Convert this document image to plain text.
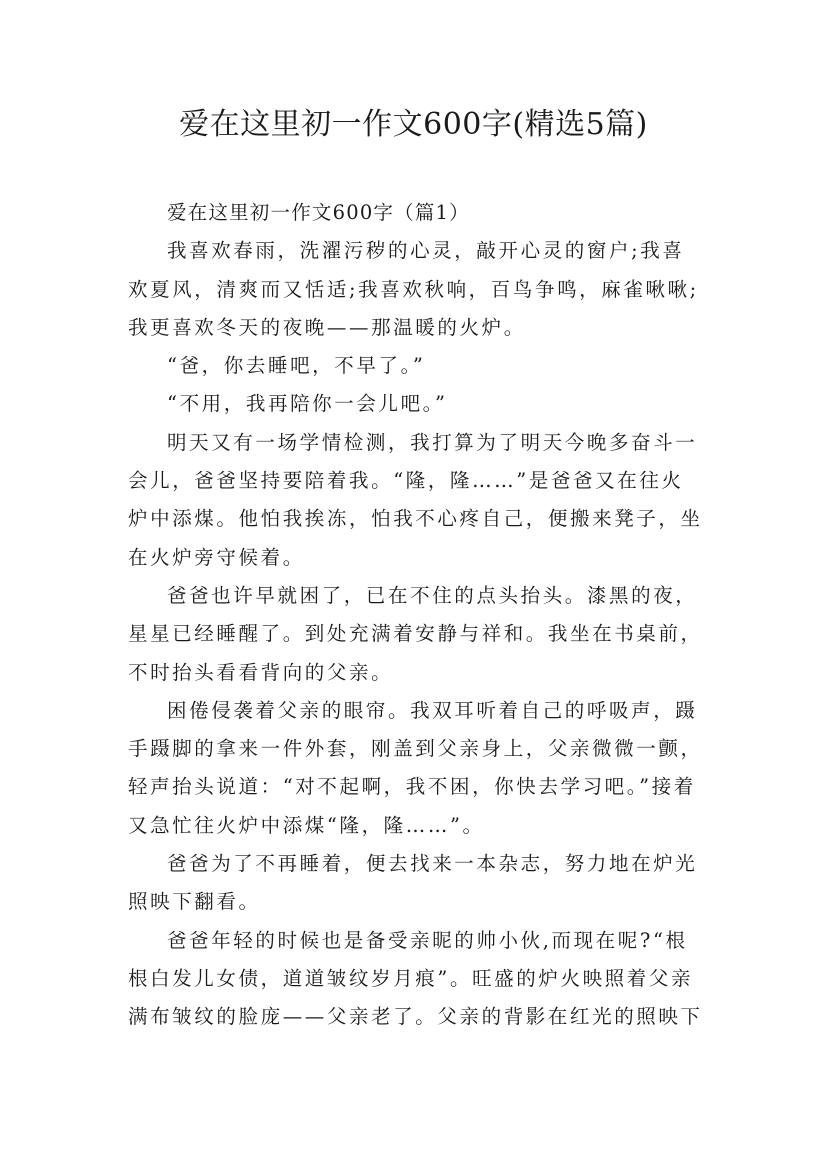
爱在这里初一作文600字(精选5篇)

爱在这里初一作文600字（篇1）

我喜欢春雨，洗濯污秽的心灵，敲开心灵的窗户;我喜
欢夏风，清爽而又恬适;我喜欢秋响，百鸟争鸣，麻雀啾啾;
我更喜欢冬天的夜晚——那温暖的火炉。

“爸，你去睡吧，不早了。”

“不用，我再陪你一会儿吧。”

明天又有一场学情检测，我打算为了明天今晚多奋斗一
会儿，爸爸坚持要陪着我。“隆，隆……”是爸爸又在往火
炉中添煤。他怕我挨冻，怕我不心疼自己，便搬来凳子，坐
在火炉旁守候着。

爸爸也许早就困了，已在不住的点头抬头。漆黑的夜，
星星已经睡醒了。到处充满着安静与祥和。我坐在书桌前，
不时抬头看看背向的父亲。

困倦侵袭着父亲的眼帘。我双耳听着自己的呼吸声，蹑
手蹑脚的拿来一件外套，刚盖到父亲身上，父亲微微一颤，
轻声抬头说道：“对不起啊，我不困，你快去学习吧。”接着
又急忙往火炉中添煤“隆，隆……”。

爸爸为了不再睡着，便去找来一本杂志，努力地在炉光
照映下翻看。

爸爸年轻的时候也是备受亲昵的帅小伙,而现在呢?“根
根白发儿女债，道道皱纹岁月痕”。旺盛的炉火映照着父亲
满布皱纹的脸庞——父亲老了。父亲的背影在红光的照映下
